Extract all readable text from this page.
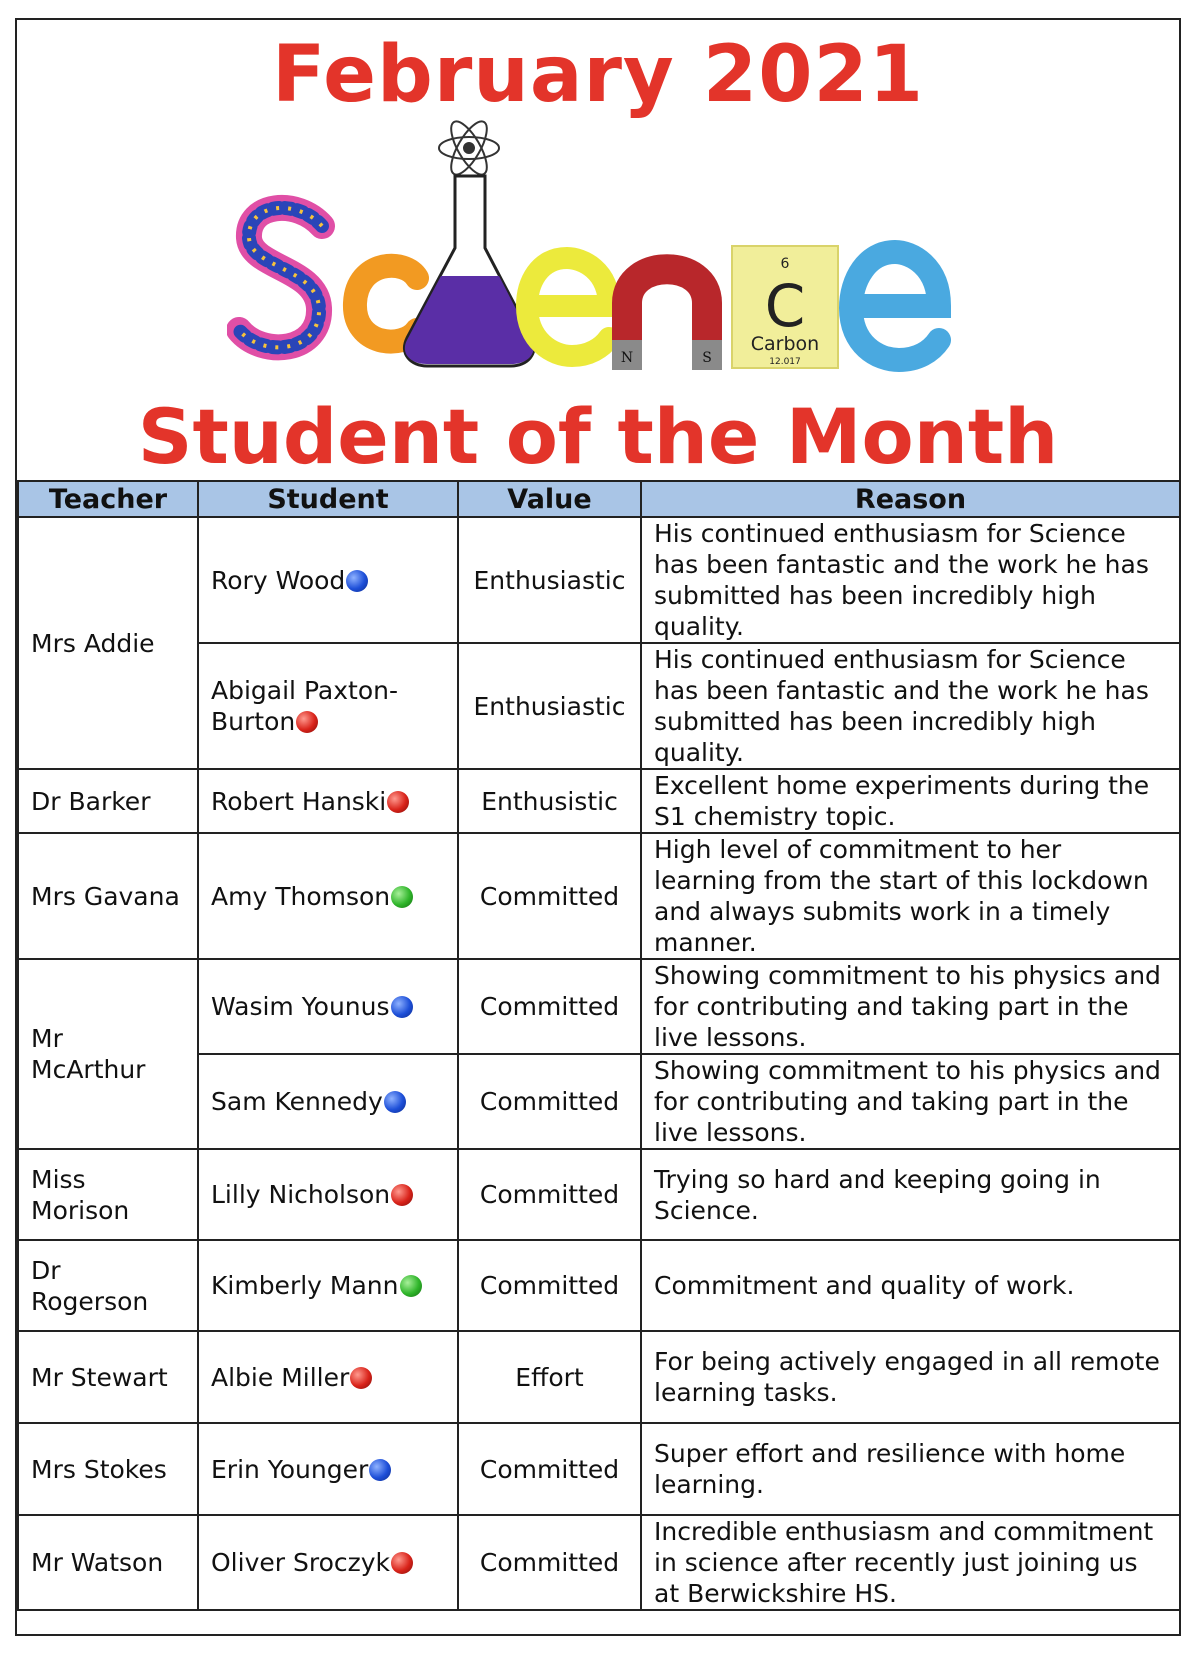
February 2021
N	S
6
C
Carbon
12.017
Student of the Month
Teacher	Student	Value	Reason
Mrs Addie	Rory Wood	Enthusiastic	His continued enthusiasm for Science has been fantastic and the work he has submitted has been incredibly high quality.
	Abigail Paxton-Burton	Enthusiastic	His continued enthusiasm for Science has been fantastic and the work he has submitted has been incredibly high quality.
Dr Barker	Robert Hanski	Enthusistic	Excellent home experiments during the S1 chemistry topic.
Mrs Gavana	Amy Thomson	Committed	High level of commitment to her learning from the start of this lockdown and always submits work in a timely manner.
Mr McArthur	Wasim Younus	Committed	Showing commitment to his physics and for contributing and taking part in the live lessons.
	Sam Kennedy	Committed	Showing commitment to his physics and for contributing and taking part in the live lessons.
Miss Morison	Lilly Nicholson	Committed	Trying so hard and keeping going in Science.
Dr Rogerson	Kimberly Mann	Committed	Commitment and quality of work.
Mr Stewart	Albie Miller	Effort	For being actively engaged in all remote learning tasks.
Mrs Stokes	Erin Younger	Committed	Super effort and resilience with home learning.
Mr Watson	Oliver Sroczyk	Committed	Incredible enthusiasm and commitment in science after recently just joining us at Berwickshire HS.
